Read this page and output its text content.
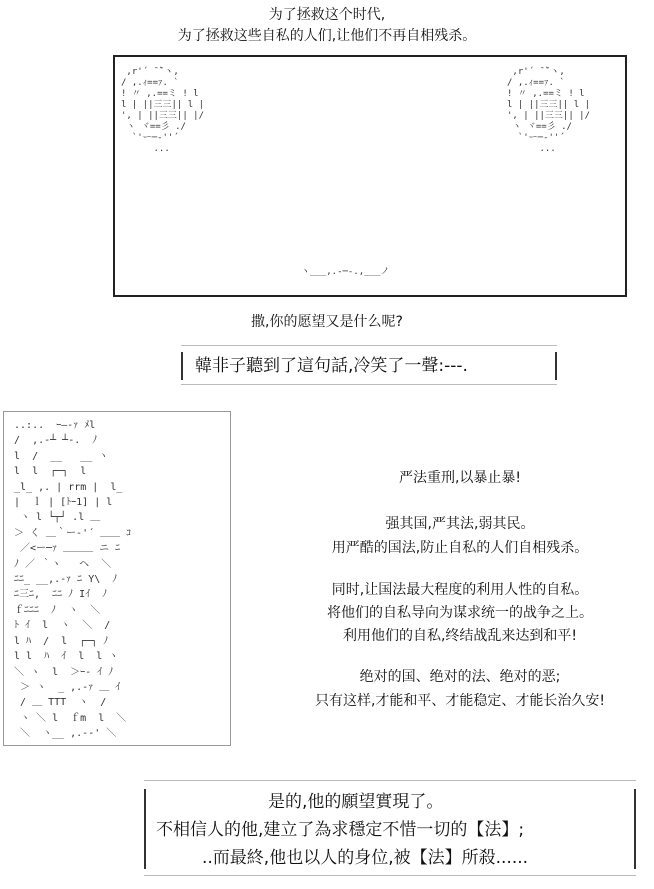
为了拯救这个时代,
为了拯救这些自私的人们,让他们不再自相残杀。
,r'´ ̄ ̄`ヽ,
/ ,.ｨ==ｧ. `
! 〃 ,.==ミ ! l
l | ||三三|| l |
', | ||三三|| |/
ヽ ヾ==彡 ./
`'ー─‐''´
...
,r'´ ̄ ̄`ヽ,
/ ,.ｨ==ｧ. `
! 〃 ,.==ミ ! l
l | ||三三|| l |
', | ||三三|| |/
ヽ ヾ==彡 ./
`'ー─‐''´
...
ヽ___,.-─-.,___ノ
撒,你的愿望又是什么呢?
韓非子聽到了這句話,冷笑了一聲:---.
..:..  ｰ―-ｧ ﾒl
/  ,.-┴ ┴-.  ﾉ
l  /  __   __ ヽ
l  l  ┌─┐  l
_l_ ,. | rrm |  l_
|  ｌ | [ﾄｰ1] | l
ヽ l └┬┘ .l ＿
＞ く ＿｀ー‐'´ ＿＿ ｺ
／<ー─ｧ ＿＿＿ ニ ﾆ
ﾉ ／ ｀ヽ   ヘ  ＼
ﾆﾆ_ __,.-ｧ ﾆ Y\  ﾉ
ﾆ三ﾆ,  ﾆﾆ ﾉ Iｲ  ﾉ
ｆﾆﾆﾆ  ﾉ  ヽ  ＼
ﾄ ｲ  l  ヽ  ＼  /
l ﾊ  /  l  ┌─┐ ﾉ
l l  ﾊ  ｲ  l  l ヽ
＼ ヽ  l  ＞ｰ‐ ｲ ﾉ
＞ ヽ  _ ,.-ｧ ＿ ｲ
/ ＿ TTT  ヽ  /
ヽ ＼ l  ｆm  l  ＼
＼  ヽ__ ,.-‐' ＼
严法重刑,以暴止暴!
强其国,严其法,弱其民。
用严酷的国法,防止自私的人们自相残杀。
同时,让国法最大程度的利用人性的自私。
将他们的自私导向为谋求统一的战争之上。
利用他们的自私,终结战乱来达到和平!
绝对的国、绝对的法、绝对的恶;
只有这样,才能和平、才能稳定、才能长治久安!
是的,他的願望實現了。
不相信人的他,建立了為求穩定不惜一切的【法】;
..而最終,他也以人的身位,被【法】所殺......
